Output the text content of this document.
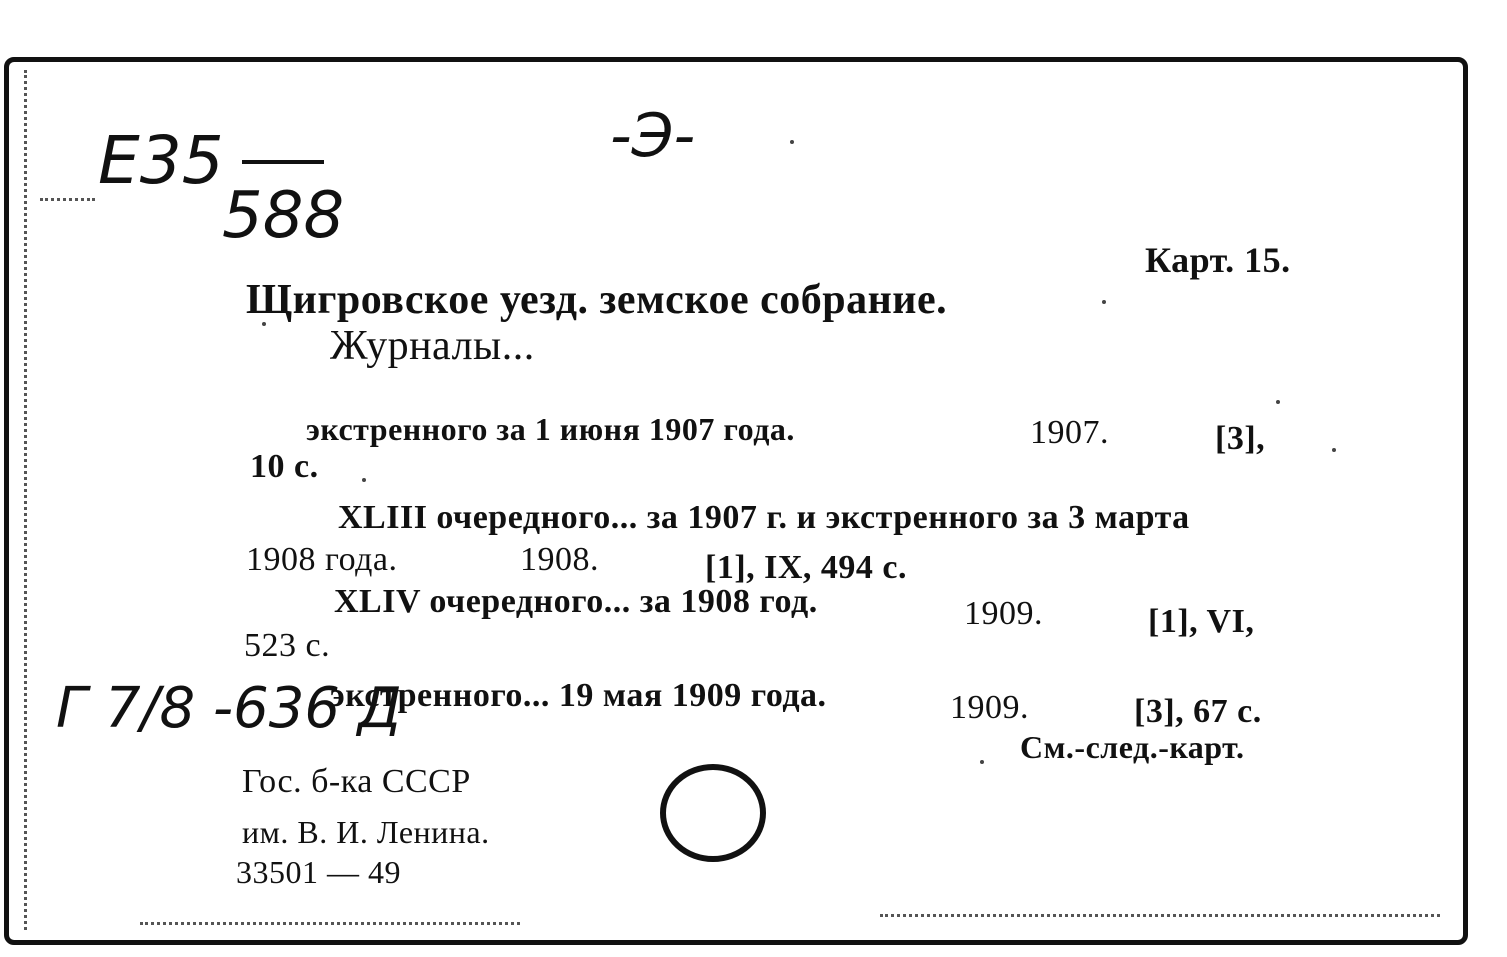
E35
588
-Э-
Карт. 15.
Щигровское уезд. земское собрание.
Журналы...
экстренного за 1 июня 1907 года.	1907.	[3],
10 с.
XLIII очередного... за 1907 г. и экстренного за 3 марта
1908 года.	1908.	[1], IX, 494 с.
XLIV очередного... за 1908 год.	1909.	[1], VI,
523 с.
экстренного... 19 мая 1909 года.	1909.	[3], 67 с.
Г 7/8 -636 Д
См.-след.-карт.
Гос. б-ка СССР
им. В. И. Ленина.
33501 — 49
